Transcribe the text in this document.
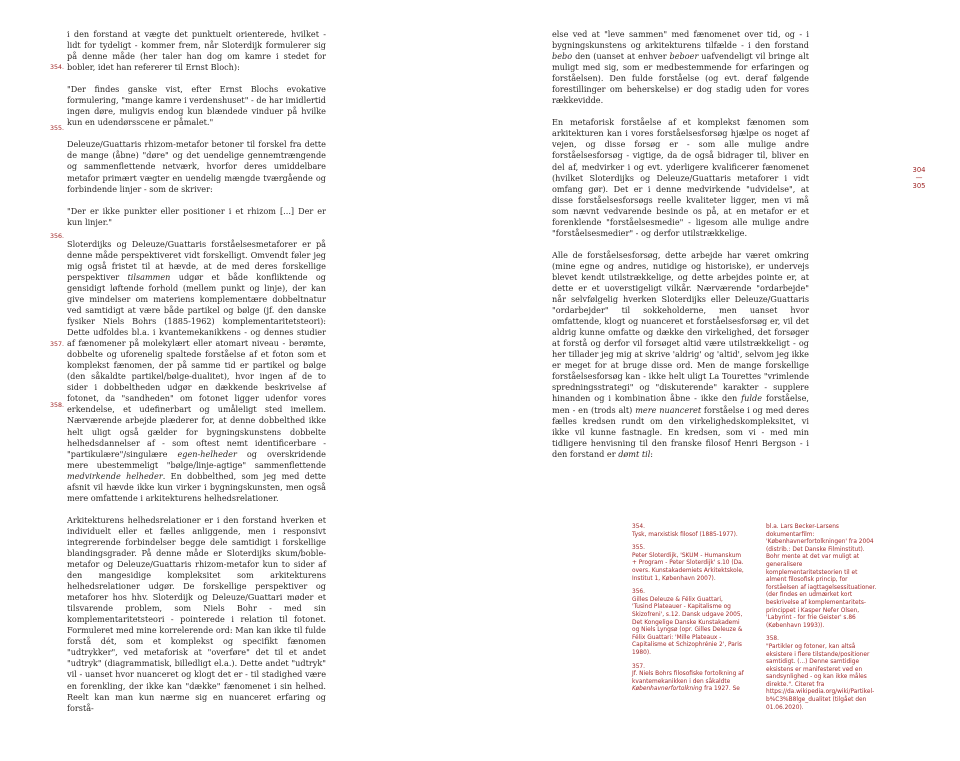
354.
355.
356.
357.
358.

i den forstand at vægte det punktuelt orienterede, hvilket - lidt for tydeligt - kommer frem, når Sloterdijk formulerer sig på denne måde (her taler han dog om kamre i stedet for bobler, idet han refererer til Ernst Bloch):

"Der findes ganske vist, efter Ernst Blochs evokative formulering, "mange kamre i verdenshuset" - de har imidlertid ingen døre, muligvis endog kun blændede vinduer på hvilke kun en udendørsscene er påmalet."

Deleuze/Guattaris rhizom-metafor betoner til forskel fra dette de mange (åbne) "døre" og det uendelige gennemtrængende og sammenflettende netværk, hvorfor deres umiddelbare metafor primært vægter en uendelig mængde tværgående og forbindende linjer - som de skriver:

"Der er ikke punkter eller positioner i et rhizom [...] Der er kun linjer."

Sloterdijks og Deleuze/Guattaris forståelsesmetaforer er på denne måde perspektiveret vidt forskelligt. Omvendt føler jeg mig også fristet til at hævde, at de med deres forskellige perspektiver tilsammen udgør et både konfliktende og gensidigt løftende forhold (mellem punkt og linje), der kan give mindelser om materiens komplementære dobbeltnatur ved samtidigt at være både partikel og bølge (jf. den danske fysiker Niels Bohrs (1885-1962) komplementaritetsteori): Dette udfoldes bl.a. i kvantemekanikkens - og dennes studier af fænomener på molekylært eller atomart niveau - berømte, dobbelte og uforenelig spaltede forståelse af et foton som et komplekst fænomen, der på samme tid er partikel og bølge (den såkaldte partikel/bølge-dualitet), hvor ingen af de to sider i dobbeltheden udgør en dækkende beskrivelse af fotonet, da "sandheden" om fotonet ligger udenfor vores erkendelse, et udefinerbart og umåleligt sted imellem. Nærværende arbejde plæderer for, at denne dobbelthed ikke helt uligt også gælder for bygningskunstens dobbelte helhedsdannelser af - som oftest nemt identificerbare - "partikulære"/singulære egen-helheder og overskridende mere ubestemmeligt "bølge/linje-agtige" sammenflettende medvirkende helheder. En dobbelthed, som jeg med dette afsnit vil hævde ikke kun virker i bygningskunsten, men også mere omfattende i arkitekturens helhedsrelationer.

Arkitekturens helhedsrelationer er i den forstand hverken et individuelt eller et fælles anliggende, men i responsivt integrerende forbindelser begge dele samtidigt i forskellige blandingsgrader. På denne måde er Sloterdijks skum/boble-metafor og Deleuze/Guattaris rhizom-metafor kun to sider af den mangesidige kompleksitet som arkitekturens helhedsrelationer udgør. De forskellige perspektiver og metaforer hos hhv. Sloterdijk og Deleuze/Guattari møder et tilsvarende problem, som Niels Bohr - med sin komplementaritetsteori - pointerede i relation til fotonet. Formuleret med mine korrelerende ord: Man kan ikke til fulde forstå dét, som et komplekst og specifikt fænomen "udtrykker", ved metaforisk at "overføre" det til et andet "udtryk" (diagrammatisk, billedligt el.a.). Dette andet "udtryk" vil - uanset hvor nuanceret og klogt det er - til stadighed være en forenkling, der ikke kan "dække" fænomenet i sin helhed. Reelt kan man kun nærme sig en nuanceret erfaring og forstå-

else ved at "leve sammen" med fænomenet over tid, og - i bygningskunstens og arkitekturens tilfælde - i den forstand bebo den (uanset at enhver beboer uafvendeligt vil bringe alt muligt med sig, som er medbestemmende for erfaringen og forståelsen). Den fulde forståelse (og evt. deraf følgende forestillinger om beherskelse) er dog stadig uden for vores rækkevidde.

En metaforisk forståelse af et komplekst fænomen som arkitekturen kan i vores forståelsesforsøg hjælpe os noget af vejen, og disse forsøg er - som alle mulige andre forståelsesforsøg - vigtige, da de også bidrager til, bliver en del af, medvirker i og evt. yderligere kvalificerer fænomenet (hvilket Sloterdijks og Deleuze/Guattaris metaforer i vidt omfang gør). Det er i denne medvirkende "udvidelse", at disse forståelsesforsøgs reelle kvaliteter ligger, men vi må som nævnt vedvarende besinde os på, at en metafor er et forenklende "forståelsesmedie" - ligesom alle mulige andre "forståelsesmedier" - og derfor utilstrækkelige.

Alle de forståelsesforsøg, dette arbejde har været omkring (mine egne og andres, nutidige og historiske), er undervejs blevet kendt utilstrækkelige, og dette arbejdes pointe er, at dette er et uoverstigeligt vilkår. Nærværende "ordarbejde" når selvfølgelig hverken Sloterdijks eller Deleuze/Guattaris "ordarbejder" til sokkeholderne, men uanset hvor omfattende, klogt og nuanceret et forståelsesforsøg er, vil det aldrig kunne omfatte og dække den virkelighed, det forsøger at forstå og derfor vil forsøget altid være utilstrækkeligt - og her tillader jeg mig at skrive 'aldrig' og 'altid', selvom jeg ikke er meget for at bruge disse ord. Men de mange forskellige forståelsesforsøg kan - ikke helt uligt La Tourettes "vrimlende spredningsstrategi" og "diskuterende" karakter - supplere hinanden og i kombination åbne - ikke den fulde forståelse, men - en (trods alt) mere nuanceret forståelse i og med deres fælles kredsen rundt om den virkelighedskompleksitet, vi ikke vil kunne fastnagle. En kredsen, som vi - med min tidligere henvisning til den franske filosof Henri Bergson - i den forstand er dømt til:

304
—
305
354.
Tysk, marxistisk filosof (1885-1977).
355.
Peter Sloterdijk, 'SKUM - Humanskum + Program - Peter Sloterdijk' s.10 (Da. overs. Kunstakademiets Arkitektskole, Institut 1, København 2007).
356.
Gilles Deleuze & Félix Guattari, 'Tusind Plateauer - Kapitalisme og Skizofreni', s.12. Dansk udgave 2005, Det Kongelige Danske Kunstakademi og Niels Lyngsø (opr. Gilles Deleuze & Félix Guattari: 'Mille Plateaux - Capitalisme et Schizophrénie 2', Paris 1980).
357.
Jf. Niels Bohrs filosofiske fortolkning af kvantemekanikken i den såkaldte Københavnerfortolkning fra 1927. Se
bl.a. Lars Becker-Larsens dokumentarfilm: 'Københavnerfortolkningen' fra 2004 (distrib.: Det Danske Filminstitut). Bohr mente at det var muligt at generalisere komplementaritetsteorien til et alment filosofisk princip, for forståelsen af iagttagelsessituationer. (der findes en udmærket kort beskrivelse af komplementaritets-princippet i Kasper Nefer Olsen, 'Labyrint - for frie Geister' s.86 (København 1993)).
358.
"Partikler og fotoner, kan altså eksistere i flere tilstande/positioner samtidigt. (...) Denne samtidige eksistens er manifesteret ved en sandsynlighed - og kan ikke måles direkte.". Citeret fra https://da.wikipedia.org/wiki/Partikel-b%C3%B8lge_dualitet (tilgået den 01.06.2020).
